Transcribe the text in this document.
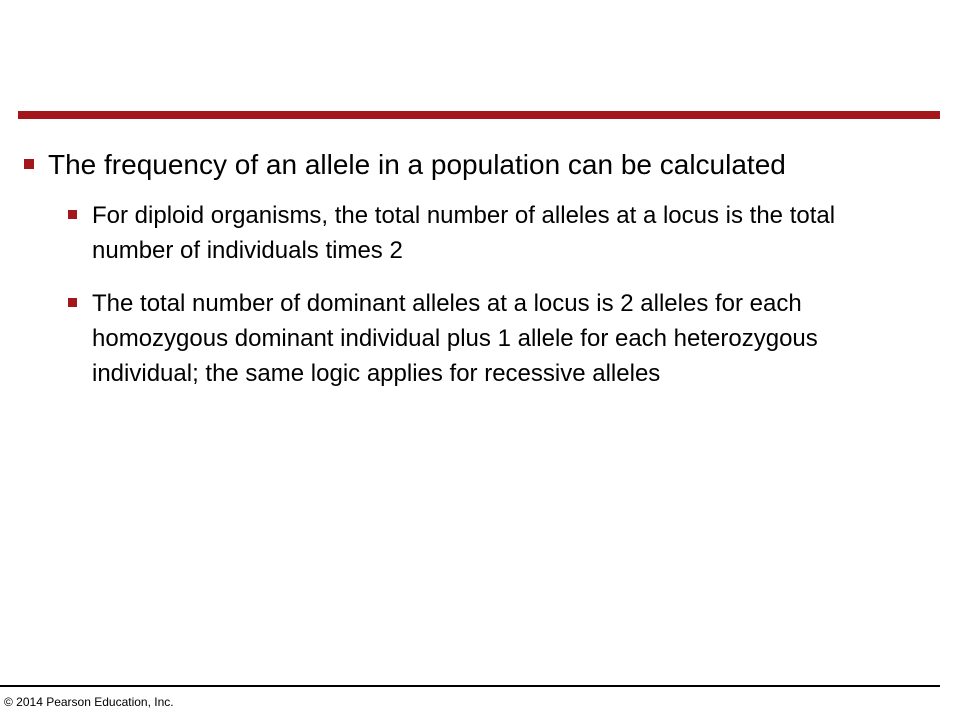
The frequency of an allele in a population can be calculated
For diploid organisms, the total number of alleles at a locus is the total number of individuals times 2
The total number of dominant alleles at a locus is 2 alleles for each homozygous dominant individual plus 1 allele for each heterozygous individual; the same logic applies for recessive alleles
© 2014 Pearson Education, Inc.
